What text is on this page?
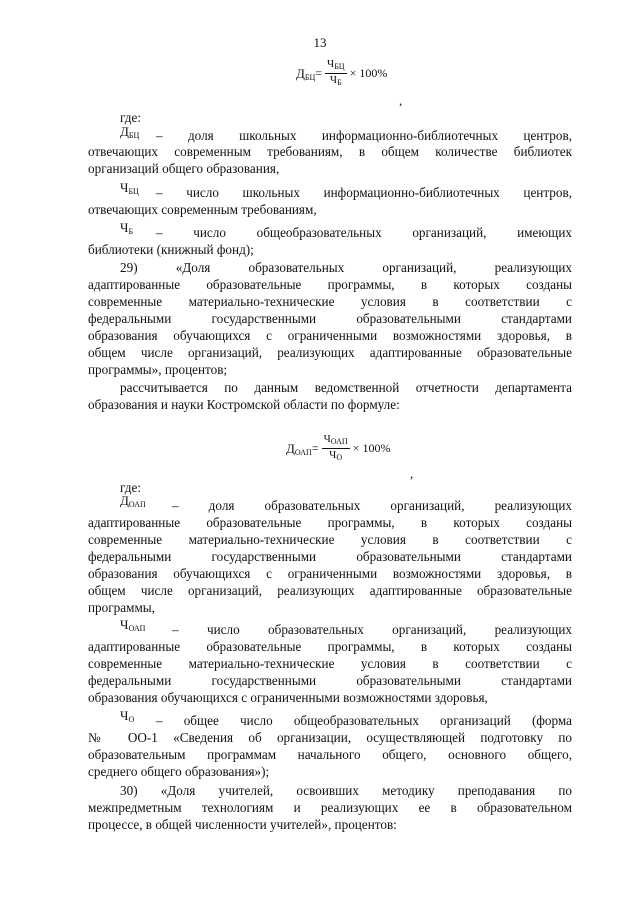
13
$Д_{БЦ} = \frac{Ч_{БЦ}}{Ч_Б} \times 100\%$
,
где:
$Д_{БЦ}$ – доля школьных информационно-библиотечных центров,
отвечающих современным требованиям, в общем количестве библиотек
организаций общего образования,
$Ч_{БЦ}$ – число школьных информационно-библиотечных центров,
отвечающих современным требованиям,
$Ч_Б$ – число общеобразовательных организаций, имеющих
библиотеки (книжный фонд);
29) «Доля образовательных организаций, реализующих
адаптированные образовательные программы, в которых созданы
современные материально-технические условия в соответствии с
федеральными государственными образовательными стандартами
образования обучающихся с ограниченными возможностями здоровья, в
общем числе организаций, реализующих адаптированные образовательные
программы», процентов;
рассчитывается по данным ведомственной отчетности департамента
образования и науки Костромской области по формуле:
$Д_{ОАП} = \frac{Ч_{ОАП}}{Ч_О} \times 100\%$
,
где:
$Д_{ОАП}$ – доля образовательных организаций, реализующих
адаптированные образовательные программы, в которых созданы
современные материально-технические условия в соответствии с
федеральными государственными образовательными стандартами
образования обучающихся с ограниченными возможностями здоровья, в
общем числе организаций, реализующих адаптированные образовательные
программы,
$Ч_{ОАП}$ – число образовательных организаций, реализующих
адаптированные образовательные программы, в которых созданы
современные материально-технические условия в соответствии с
федеральными государственными образовательными стандартами
образования обучающихся с ограниченными возможностями здоровья,
$Ч_О$ – общее число общеобразовательных организаций (форма
№ ОО-1 «Сведения об организации, осуществляющей подготовку по
образовательным программам начального общего, основного общего,
среднего общего образования»);
30) «Доля учителей, освоивших методику преподавания по
межпредметным технологиям и реализующих ее в образовательном
процессе, в общей численности учителей», процентов:
